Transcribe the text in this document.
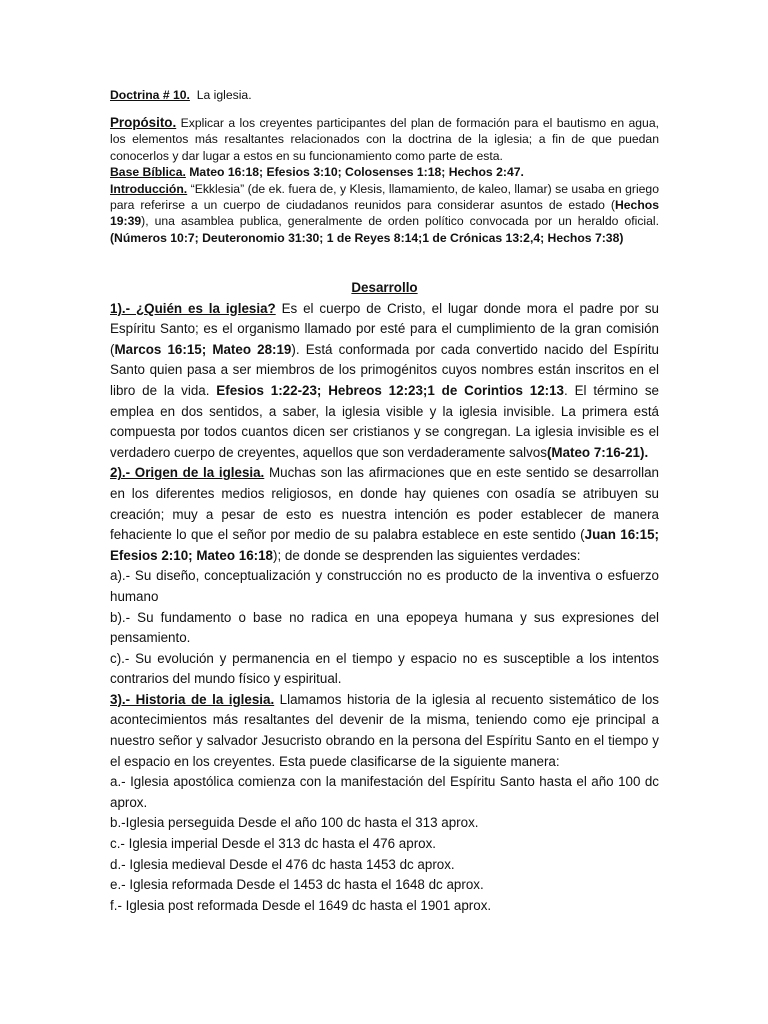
Doctrina # 10. La iglesia.

Propósito. Explicar a los creyentes participantes del plan de formación para el bautismo en agua, los elementos más resaltantes relacionados con la doctrina de la iglesia; a fin de que puedan conocerlos y dar lugar a estos en su funcionamiento como parte de esta.

Base Bíblica. Mateo 16:18; Efesios 3:10; Colosenses 1:18; Hechos 2:47.

Introducción. “Ekklesia” (de ek. fuera de, y Klesis, llamamiento, de kaleo, llamar) se usaba en griego para referirse a un cuerpo de ciudadanos reunidos para considerar asuntos de estado (Hechos 19:39), una asamblea publica, generalmente de orden político convocada por un heraldo oficial. (Números 10:7; Deuteronomio 31:30; 1 de Reyes 8:14;1 de Crónicas 13:2,4; Hechos 7:38)

Desarrollo

1).- ¿Quién es la iglesia? Es el cuerpo de Cristo, el lugar donde mora el padre por su Espíritu Santo; es el organismo llamado por esté para el cumplimiento de la gran comisión (Marcos 16:15; Mateo 28:19). Está conformada por cada convertido nacido del Espíritu Santo quien pasa a ser miembros de los primogénitos cuyos nombres están inscritos en el libro de la vida. Efesios 1:22-23; Hebreos 12:23;1 de Corintios 12:13. El término se emplea en dos sentidos, a saber, la iglesia visible y la iglesia invisible. La primera está compuesta por todos cuantos dicen ser cristianos y se congregan. La iglesia invisible es el verdadero cuerpo de creyentes, aquellos que son verdaderamente salvos(Mateo 7:16-21).

2).- Origen de la iglesia. Muchas son las afirmaciones que en este sentido se desarrollan en los diferentes medios religiosos, en donde hay quienes con osadía se atribuyen su creación; muy a pesar de esto es nuestra intención es poder establecer de manera fehaciente lo que el señor por medio de su palabra establece en este sentido (Juan 16:15; Efesios 2:10; Mateo 16:18); de donde se desprenden las siguientes verdades:

a).- Su diseño, conceptualización y construcción no es producto de la inventiva o esfuerzo humano

b).- Su fundamento o base no radica en una epopeya humana y sus expresiones del pensamiento.

c).- Su evolución y permanencia en el tiempo y espacio no es susceptible a los intentos contrarios del mundo físico y espiritual.

3).- Historia de la iglesia. Llamamos historia de la iglesia al recuento sistemático de los acontecimientos más resaltantes del devenir de la misma, teniendo como eje principal a nuestro señor y salvador Jesucristo obrando en la persona del Espíritu Santo en el tiempo y el espacio en los creyentes. Esta puede clasificarse de la siguiente manera:

a.- Iglesia apostólica comienza con la manifestación del Espíritu Santo hasta el año 100 dc aprox.

b.-Iglesia perseguida Desde el año 100 dc hasta el 313 aprox.

c.- Iglesia imperial Desde el 313 dc hasta el 476 aprox.

d.- Iglesia medieval Desde el 476 dc hasta 1453 dc aprox.

e.- Iglesia reformada Desde el 1453 dc hasta el 1648 dc aprox.

f.- Iglesia post reformada Desde el 1649 dc hasta el 1901 aprox.
